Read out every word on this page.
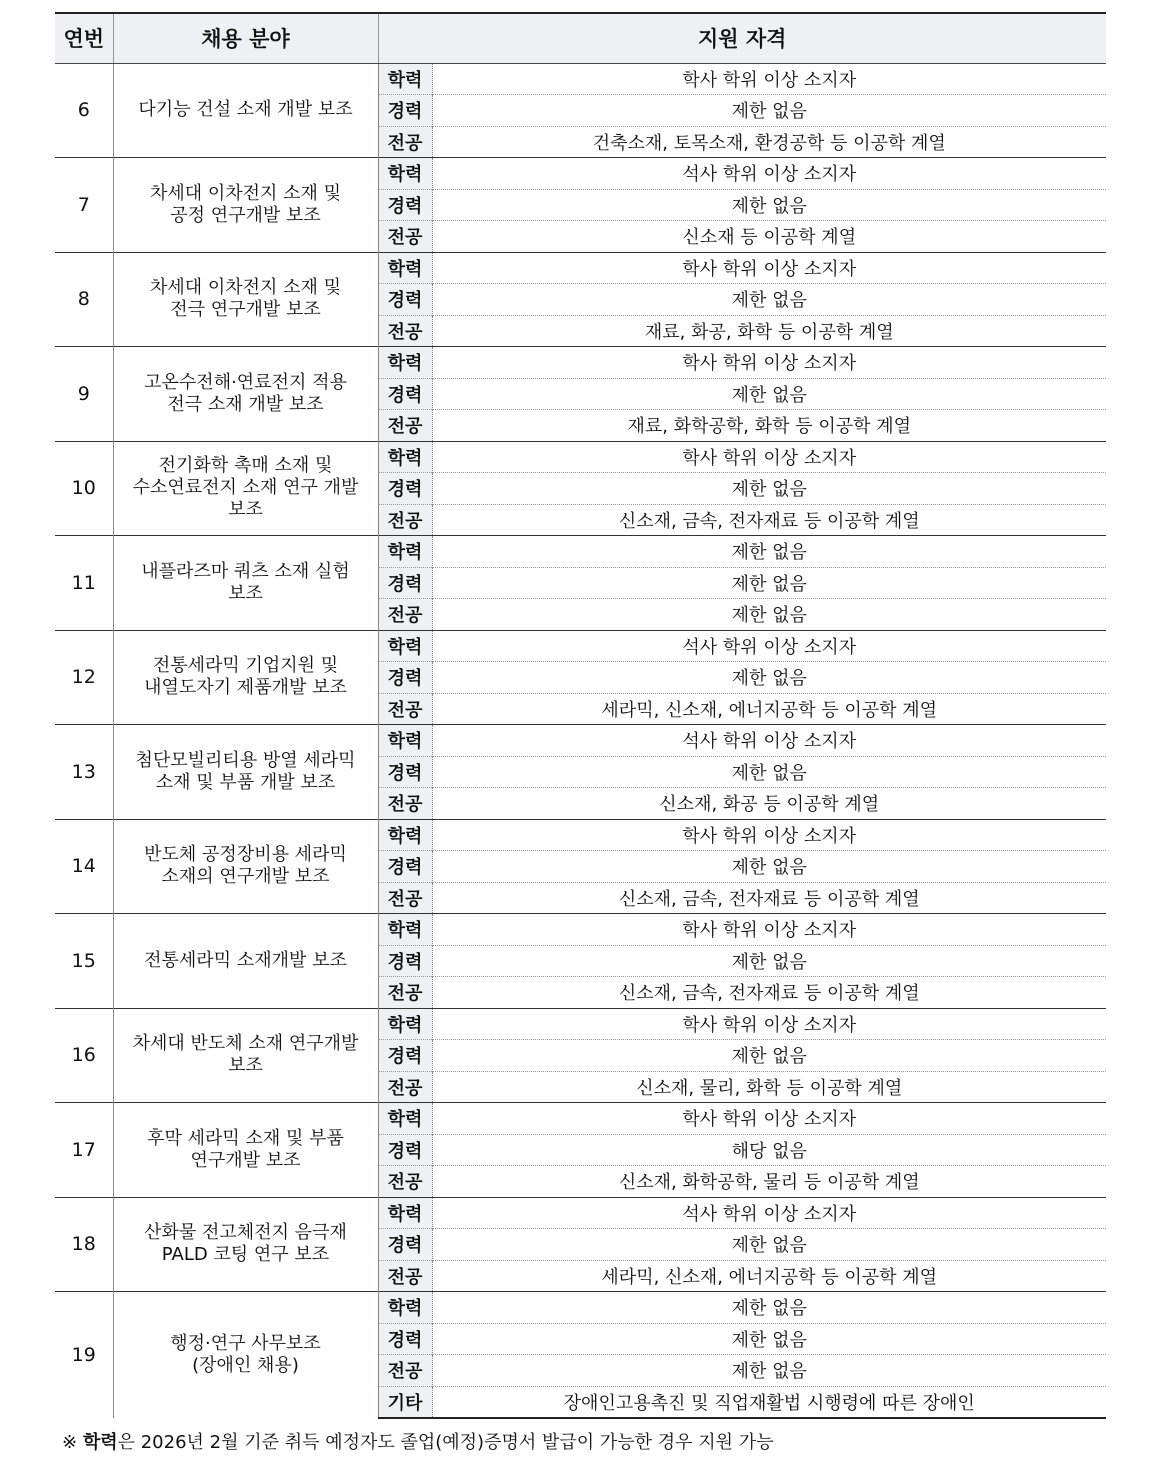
연번	채용 분야	지원 자격	
6	다기능 건설 소재 개발 보조	학력	학사 학위 이상 소지자
		경력	제한 없음
		전공	건축소재, 토목소재, 환경공학 등 이공학 계열
7	차세대 이차전지 소재 및
공정 연구개발 보조	학력	석사 학위 이상 소지자
		경력	제한 없음
		전공	신소재 등 이공학 계열
8	차세대 이차전지 소재 및
전극 연구개발 보조	학력	학사 학위 이상 소지자
		경력	제한 없음
		전공	재료, 화공, 화학 등 이공학 계열
9	고온수전해·연료전지 적용
전극 소재 개발 보조	학력	학사 학위 이상 소지자
		경력	제한 없음
		전공	재료, 화학공학, 화학 등 이공학 계열
10	전기화학 촉매 소재 및
수소연료전지 소재 연구 개발
보조	학력	학사 학위 이상 소지자
		경력	제한 없음
		전공	신소재, 금속, 전자재료 등 이공학 계열
11	내플라즈마 쿼츠 소재 실험
보조	학력	제한 없음
		경력	제한 없음
		전공	제한 없음
12	전통세라믹 기업지원 및
내열도자기 제품개발 보조	학력	석사 학위 이상 소지자
		경력	제한 없음
		전공	세라믹, 신소재, 에너지공학 등 이공학 계열
13	첨단모빌리티용 방열 세라믹
소재 및 부품 개발 보조	학력	석사 학위 이상 소지자
		경력	제한 없음
		전공	신소재, 화공 등 이공학 계열
14	반도체 공정장비용 세라믹
소재의 연구개발 보조	학력	학사 학위 이상 소지자
		경력	제한 없음
		전공	신소재, 금속, 전자재료 등 이공학 계열
15	전통세라믹 소재개발 보조	학력	학사 학위 이상 소지자
		경력	제한 없음
		전공	신소재, 금속, 전자재료 등 이공학 계열
16	차세대 반도체 소재 연구개발
보조	학력	학사 학위 이상 소지자
		경력	제한 없음
		전공	신소재, 물리, 화학 등 이공학 계열
17	후막 세라믹 소재 및 부품
연구개발 보조	학력	학사 학위 이상 소지자
		경력	해당 없음
		전공	신소재, 화학공학, 물리 등 이공학 계열
18	산화물 전고체전지 음극재
PALD 코팅 연구 보조	학력	석사 학위 이상 소지자
		경력	제한 없음
		전공	세라믹, 신소재, 에너지공학 등 이공학 계열
19	행정·연구 사무보조
(장애인 채용)	학력	제한 없음
		경력	제한 없음
		전공	제한 없음
		기타	장애인고용촉진 및 직업재활법 시행령에 따른 장애인
※ 학력은 2026년 2월 기준 취득 예정자도 졸업(예정)증명서 발급이 가능한 경우 지원 가능
